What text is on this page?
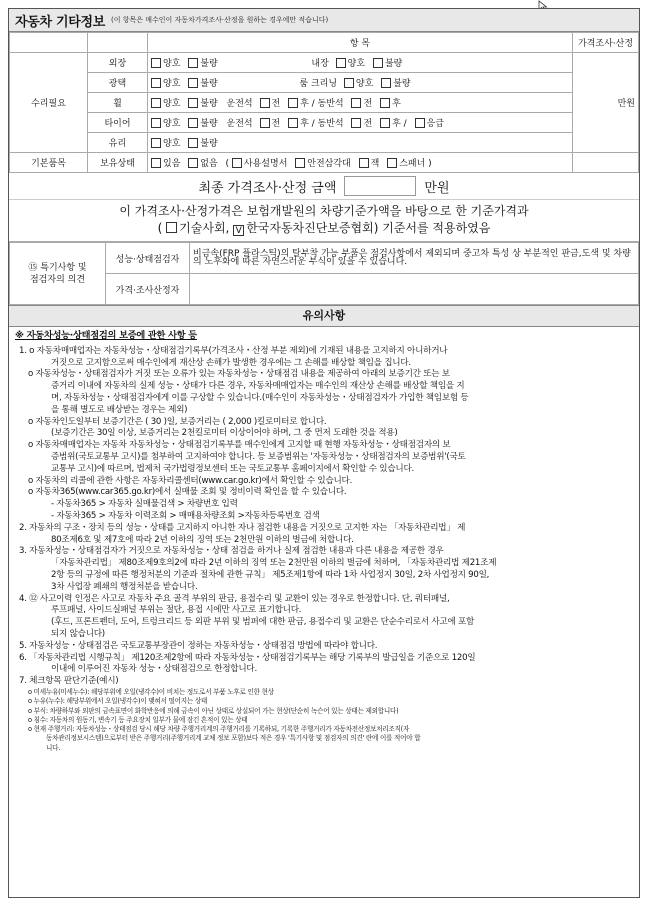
자동차 기타정보 (이 항목은 매수인이 자동차가격조사·산정을 원하는 경우에만 적습니다)
		항 목	가격조사·산정
수리필요	외장	양호 불량 내장 양호 불량	만원
	광택	양호 불량 룸 크리닝 양호 불량	
	휠	양호 불량 운전석 전 후 / 동반석 전 후	
	타이어	양호 불량 운전석 전 후 / 동반석 전 후 / 응급	
	유리	양호 불량	
기본품목	보유상태	있음 없음 ( 사용설명서 안전삼각대 잭 스패너 )	
최종 가격조사·산정 금액	만원
이 가격조사·산정가격은 보험개발원의 차량기준가액을 바탕으로 한 기준가격과
( 기술사회, V 한국자동차진단보증협회) 기준서를 적용하였음
⑮ 특기사항 및
점검자의 의견	성능·상태점검자	비금속(FRP 플라스틱)의 탈부착 가능 부품은 점검사항에서 제외되며 중고차 특성 상 부분적인 판금,도색 및 차량의 노후화에 따른 자연스러운 부식이 있을 수 있습니다.
	가격·조사산정자	
유의사항
※ 자동차성능·상태점검의 보증에 관한 사항 등

1. o 자동차매매업자는 자동차성능・상태점검기록부(가격조사・산정 부분 제외)에 기재된 내용을 고지하지 아니하거나

거짓으로 고지함으로써 매수인에게 재산상 손해가 발생한 경우에는 그 손해를 배상할 책임을 집니다.

o 자동차성능・상태점검자가 거짓 또는 오류가 있는 자동차성능・상태점검 내용을 제공하여 아래의 보증기간 또는 보

증거리 이내에 자동차의 실제 성능・상태가 다른 경우, 자동차매매업자는 매수인의 재산상 손해를 배상할 책임을 지

며, 자동차성능・상태점검자에게 이를 구상할 수 있습니다.(매수인이 자동차성능・상태점검자가 가입한 책임보험 등

을 통해 별도로 배상받는 경우는 제외)

o 자동차인도일부터 보증기간은 ( 30 )일, 보증거리는 ( 2,000 )킬로미터로 합니다.

(보증기간은 30일 이상, 보증거리는 2천킬로미터 이상이어야 하며, 그 중 먼저 도래한 것을 적용)

o 자동차매매업자는 자동차 자동차성능・상태점검기록부를 매수인에게 고지할 때 현행 자동차성능・상태점검자의 보

증범위(국토교통부 고시)를 첨부하여 고지하여야 합니다. 등 보증범위는 '자동차성능・상태점검자의 보증범위'(국토

교통부 고시)에 따르며, 법제처 국가법령정보센터 또는 국토교통부 홈페이지에서 확인할 수 있습니다.

o 자동차의 리콜에 관한 사항은 자동차리콜센터(www.car.go.kr)에서 확인할 수 있습니다.

o 자동차365(www.car365.go.kr)에서 실매물 조회 및 정비이력 확인을 할 수 있습니다.

- 자동차365 > 자동차 실매물검색 > 차량번호 입력

- 자동차365 > 자동차 이력조회 > 매매용차량조회 >자동차등록번호 검색

2. 자동차의 구조・장치 등의 성능・상태를 고지하지 아니한 자나 점검한 내용을 거짓으로 고지한 자는 「자동차관리법」 제

80조제6호 및 제7호에 따라 2년 이하의 징역 또는 2천만원 이하의 벌금에 처합니다.

3. 자동차성능・상태점검자가 거짓으로 자동차성능・상태 점검을 하거나 실제 점검한 내용과 다른 내용을 제공한 경우

「자동차관리법」 제80조제9호의2에 따라 2년 이하의 징역 또는 2천만원 이하의 벌금에 처하며, 「자동차관리법 제21조제

2항 등의 규정에 따른 행정처분의 기준과 절차에 관한 규칙」 제5조제1항에 따라 1차 사업정지 30일, 2차 사업정지 90일,

3차 사업장 폐쇄의 행정처분을 받습니다.

4. ⑫ 사고이력 인정은 사고로 자동차 주요 골격 부위의 판금, 용접수리 및 교환이 있는 경우로 한정합니다. 단, 쿼터패널,

루프패널, 사이드실패널 부위는 절단, 용접 시에만 사고로 표기합니다.

(후드, 프론트펜더, 도어, 트렁크리드 등 외판 부위 및 범퍼에 대한 판금, 용접수리 및 교환은 단순수리로서 사고에 포함

되지 않습니다)

5. 자동차성능・상태점검은 국토교통부장관이 정하는 자동차성능・상태점검 방법에 따라야 합니다.

6. 「자동차관리법 시행규칙」 제120조제2항에 따라 자동차성능・상태점검기록부는 해당 기록부의 발급일을 기준으로 120일

이내에 이루어진 자동차 성능・상태점검으로 한정합니다.

7. 체크항목 판단기준(예시)

o 미세누유(미세누수): 해당부위에 오일(냉각수)이 비치는 정도로서 부품 노후로 인한 현상

o 누유(누수): 해당부위에서 오일(냉각수)이 맺혀서 떨어지는 상태

o 부식: 차량하부와 외판의 금속표면이 화학반응에 의해 금속이 아닌 상태로 상실되어 가는 현상(단순히 녹슨어 있는 상태는 제외합니다)

o 침수: 자동차의 원동기, 변속기 등 주요장치 일부가 물에 잠긴 흔적이 있는 상태

o 현재 주행거리: 자동차성능・상태점검 당시 해당 차량 주행거리계의 주행거리를 기록하되, 기록한 주행거리가 자동차전산정보처리조직(자

동차관리정보시스템)으로부터 받은 주행거리(주행거리계 교체 정보 포함)보다 적은 경우 '특기사항 및 점검자의 의견' 란에 이를 적어야 합

니다.
